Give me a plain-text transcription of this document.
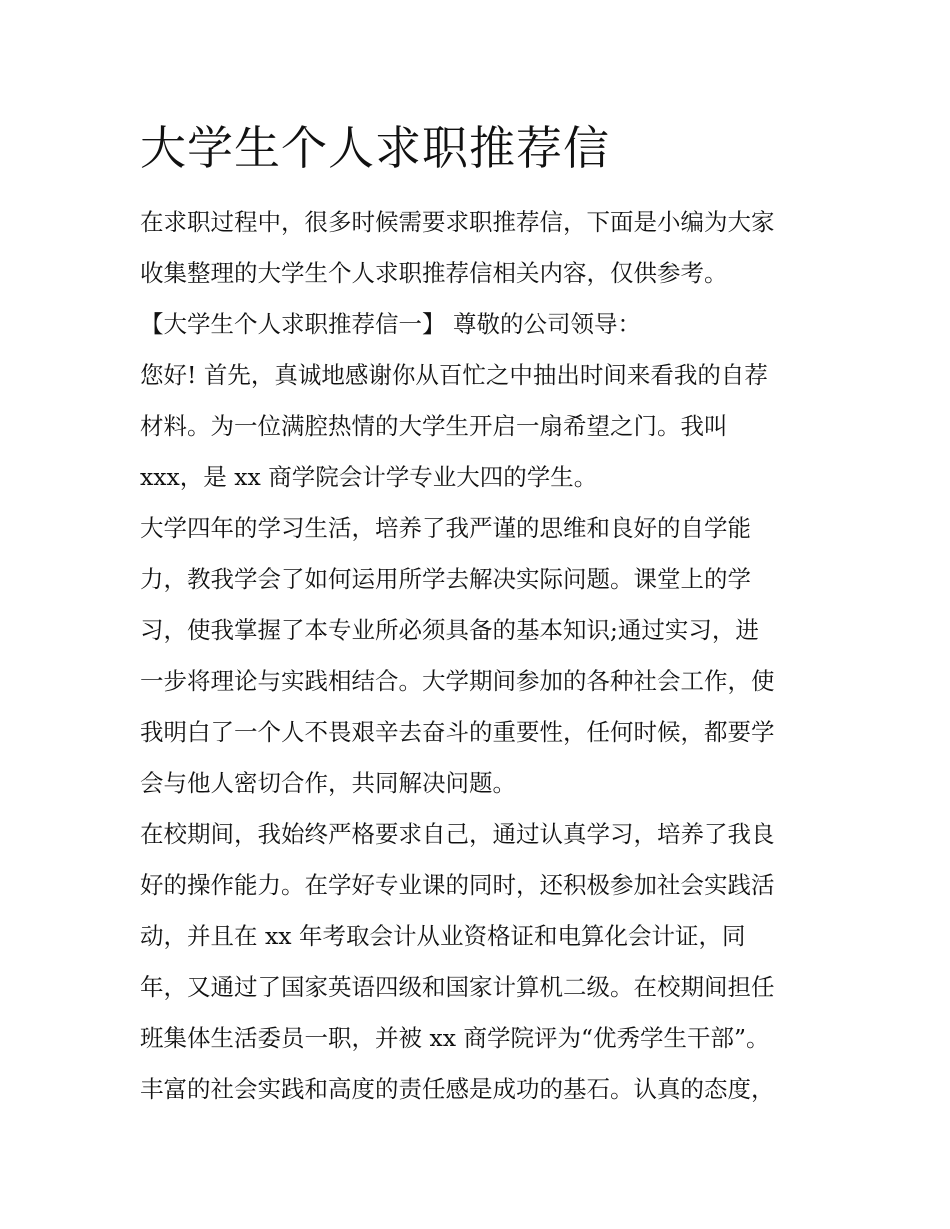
大学生个人求职推荐信

在求职过程中，很多时候需要求职推荐信，下面是小编为大家

收集整理的大学生个人求职推荐信相关内容，仅供参考。

【大学生个人求职推荐信一】 尊敬的公司领导：

您好! 首先，真诚地感谢你从百忙之中抽出时间来看我的自荐

材料。为一位满腔热情的大学生开启一扇希望之门。我叫

xxx，是 xx 商学院会计学专业大四的学生。

大学四年的学习生活，培养了我严谨的思维和良好的自学能

力，教我学会了如何运用所学去解决实际问题。课堂上的学

习，使我掌握了本专业所必须具备的基本知识;通过实习，进

一步将理论与实践相结合。大学期间参加的各种社会工作，使

我明白了一个人不畏艰辛去奋斗的重要性，任何时候，都要学

会与他人密切合作，共同解决问题。

在校期间，我始终严格要求自己，通过认真学习，培养了我良

好的操作能力。在学好专业课的同时，还积极参加社会实践活

动，并且在 xx 年考取会计从业资格证和电算化会计证，同

年，又通过了国家英语四级和国家计算机二级。在校期间担任

班集体生活委员一职，并被 xx 商学院评为“优秀学生干部”。

丰富的社会实践和高度的责任感是成功的基石。认真的态度，
